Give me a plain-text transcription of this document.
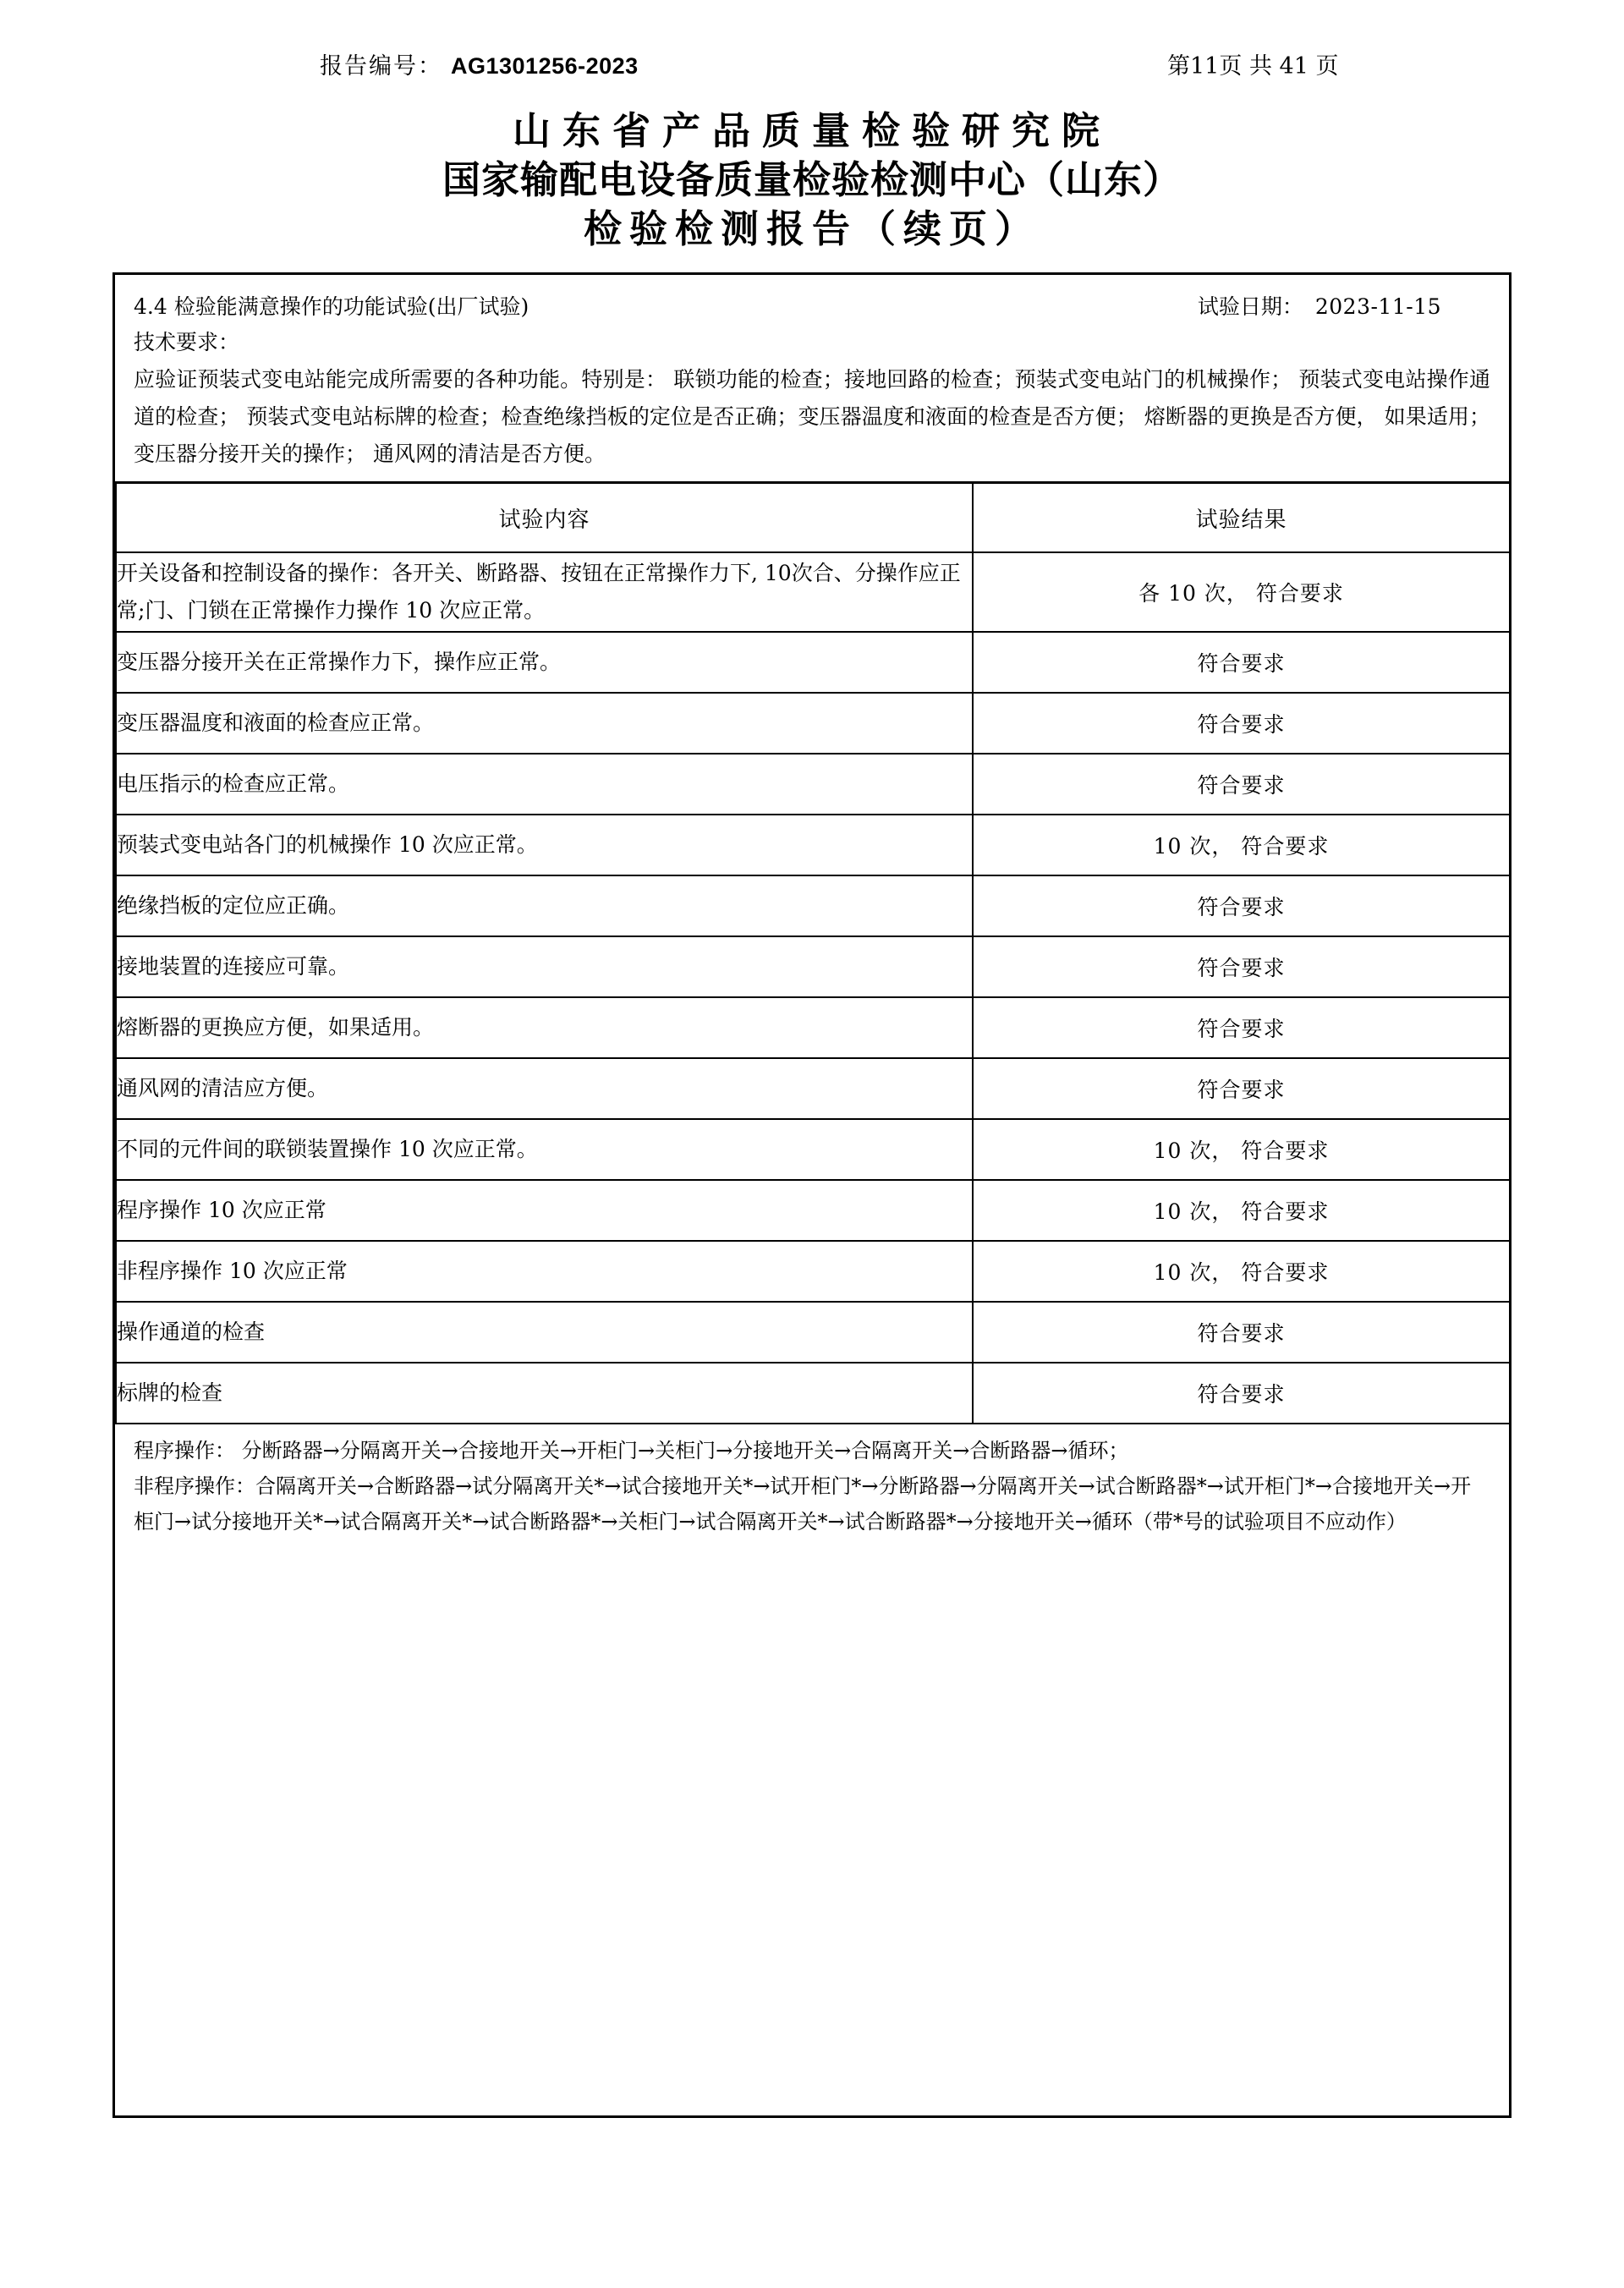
报告编号： AG1301256-2023	第11页 共 41 页
山东省产品质量检验研究院
国家输配电设备质量检验检测中心（山东）
检验检测报告（续页）
4.4 检验能满意操作的功能试验(出厂试验)	试验日期： 2023-11-15
技术要求：
应验证预装式变电站能完成所需要的各种功能。特别是： 联锁功能的检查；接地回路的检查；预装式变电站门的机械操作； 预装式变电站操作通道的检查； 预装式变电站标牌的检查；检查绝缘挡板的定位是否正确；变压器温度和液面的检查是否方便； 熔断器的更换是否方便， 如果适用； 变压器分接开关的操作； 通风网的清洁是否方便。
试验内容	试验结果
开关设备和控制设备的操作：各开关、断路器、按钮在正常操作力下, 10次合、分操作应正常;门、门锁在正常操作力操作 10 次应正常。	各 10 次， 符合要求
变压器分接开关在正常操作力下，操作应正常。	符合要求
变压器温度和液面的检查应正常。	符合要求
电压指示的检查应正常。	符合要求
预装式变电站各门的机械操作 10 次应正常。	10 次， 符合要求
绝缘挡板的定位应正确。	符合要求
接地装置的连接应可靠。	符合要求
熔断器的更换应方便，如果适用。	符合要求
通风网的清洁应方便。	符合要求
不同的元件间的联锁装置操作 10 次应正常。	10 次， 符合要求
程序操作 10 次应正常	10 次， 符合要求
非程序操作 10 次应正常	10 次， 符合要求
操作通道的检查	符合要求
标牌的检查	符合要求

程序操作： 分断路器→分隔离开关→合接地开关→开柜门→关柜门→分接地开关→合隔离开关→合断路器→循环；

非程序操作：合隔离开关→合断路器→试分隔离开关*→试合接地开关*→试开柜门*→分断路器→分隔离开关→试合断路器*→试开柜门*→合接地开关→开柜门→试分接地开关*→试合隔离开关*→试合断路器*→关柜门→试合隔离开关*→试合断路器*→分接地开关→循环（带*号的试验项目不应动作）
